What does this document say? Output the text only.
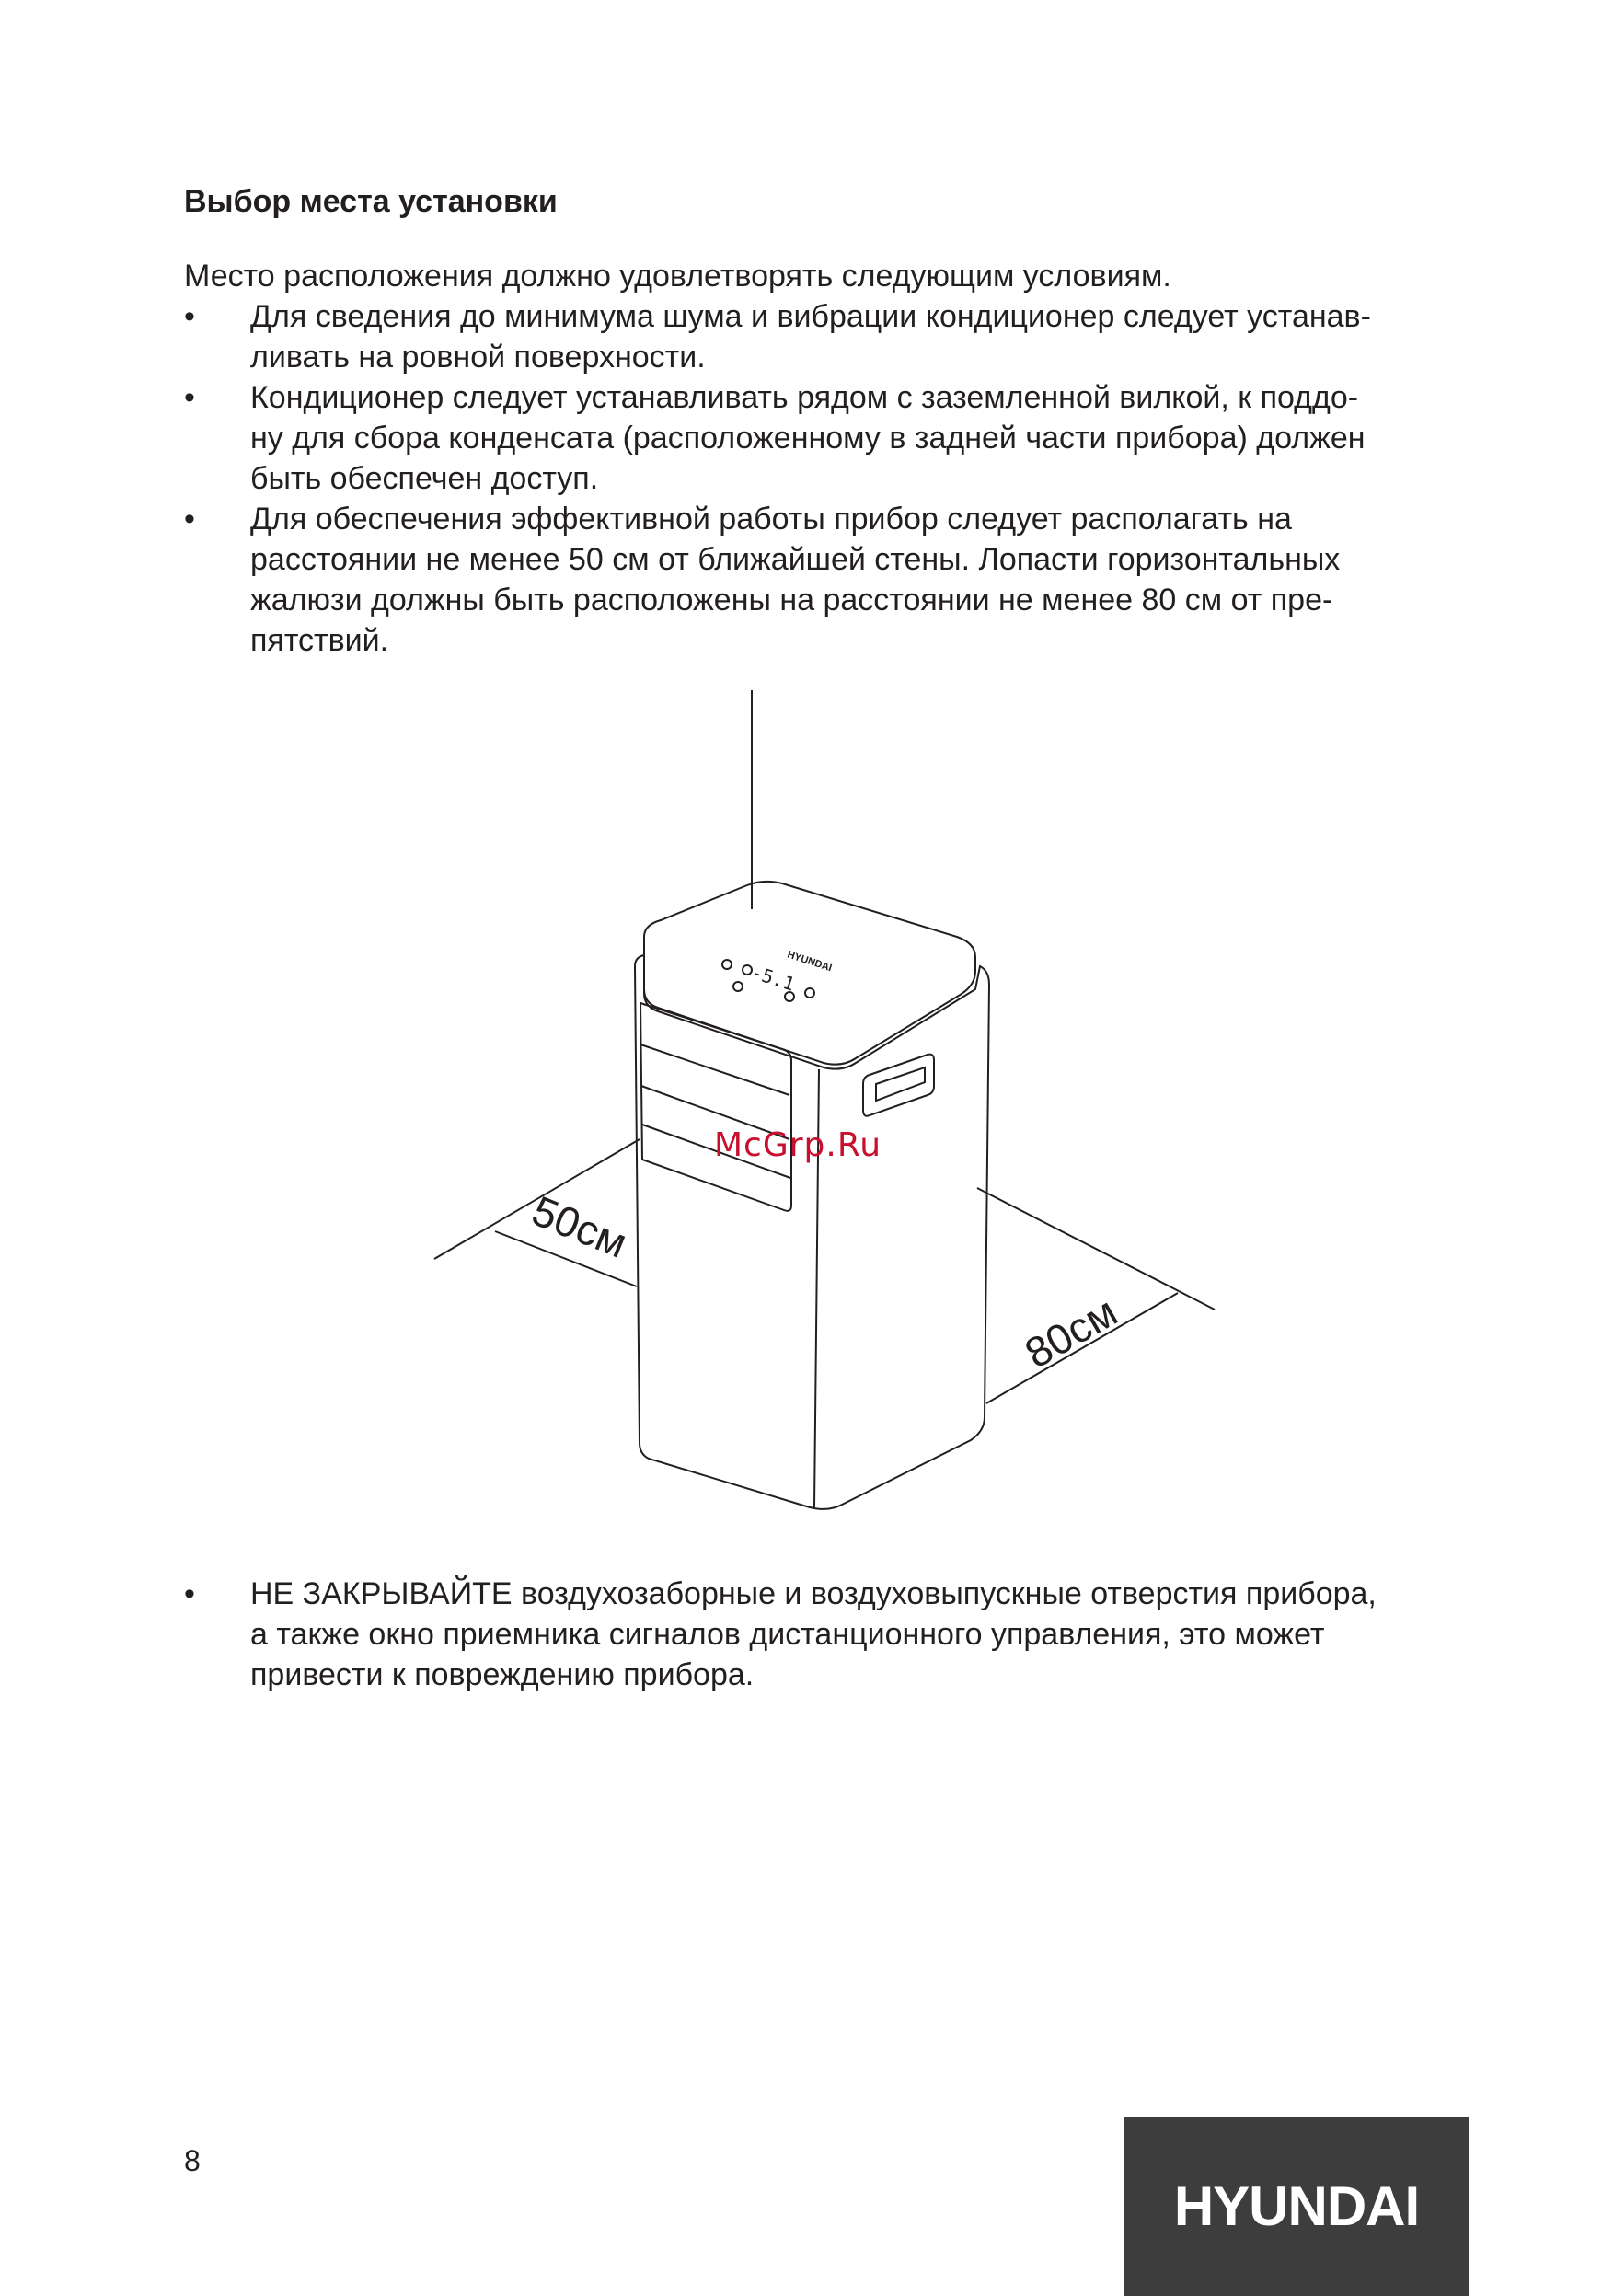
Выбор места установки

Место расположения должно удовлетворять следующим условиям.

• Для сведения до минимума шума и вибрации кондиционер следует устанав-
ливать на ровной поверхности.
• Кондиционер следует устанавливать рядом с заземленной вилкой, к поддо-
ну для сбора конденсата (расположенному в задней части прибора) должен
быть обеспечен доступ.
• Для обеспечения эффективной работы прибор следует располагать на
расстоянии не менее 50 см от ближайшей стены. Лопасти горизонтальных
жалюзи должны быть расположены на расстоянии не менее 80 см от пре-
пятствий.
HYUNDAI
-5.1
50см
80см
McGrp.Ru
• НЕ ЗАКРЫВАЙТЕ воздухозаборные и воздуховыпускные отверстия прибора,
а также окно приемника сигналов дистанционного управления, это может
привести к повреждению прибора.
8
HYUNDAI
